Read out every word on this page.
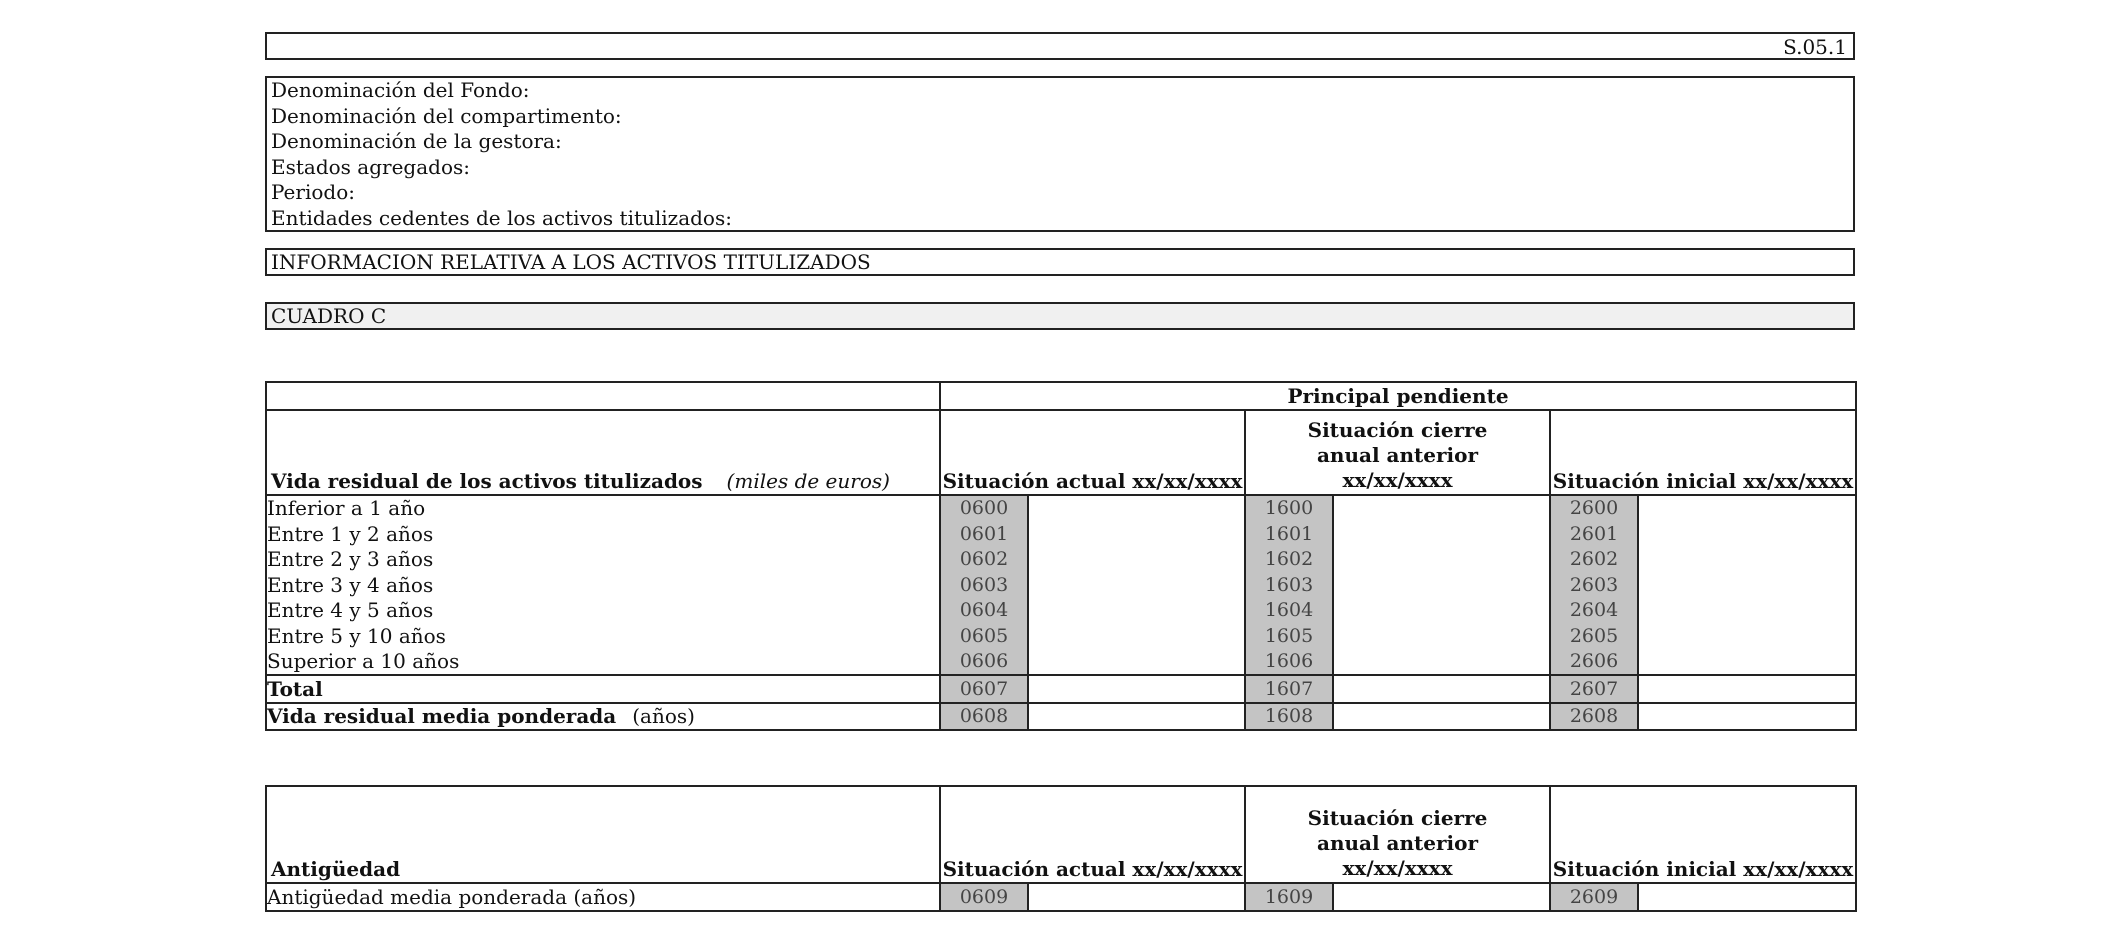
S.05.1
Denominación del Fondo:
Denominación del compartimento:
Denominación de la gestora:
Estados agregados:
Periodo:
Entidades cedentes de los activos titulizados:
INFORMACION RELATIVA A LOS ACTIVOS TITULIZADOS
CUADRO C
	Principal pendiente					
Vida residual de los activos titulizados (miles de euros)	Situación actual xx/xx/xxxx		Situación cierre anual anterior xx/xx/xxxx		Situación inicial xx/xx/xxxx	
Inferior a 1 año	0600		1600		2600	
Entre 1 y 2 años	0601		1601		2601	
Entre 2 y 3 años	0602		1602		2602	
Entre 3 y 4 años	0603		1603		2603	
Entre 4 y 5 años	0604		1604		2604	
Entre 5 y 10 años	0605		1605		2605	
Superior a 10 años	0606		1606		2606	
Total	0607		1607		2607	
Vida residual media ponderada (años)	0608		1608		2608	
Antigüedad	Situación actual xx/xx/xxxx		Situación cierre anual anterior xx/xx/xxxx		Situación inicial xx/xx/xxxx	
Antigüedad media ponderada (años)	0609		1609		2609	
